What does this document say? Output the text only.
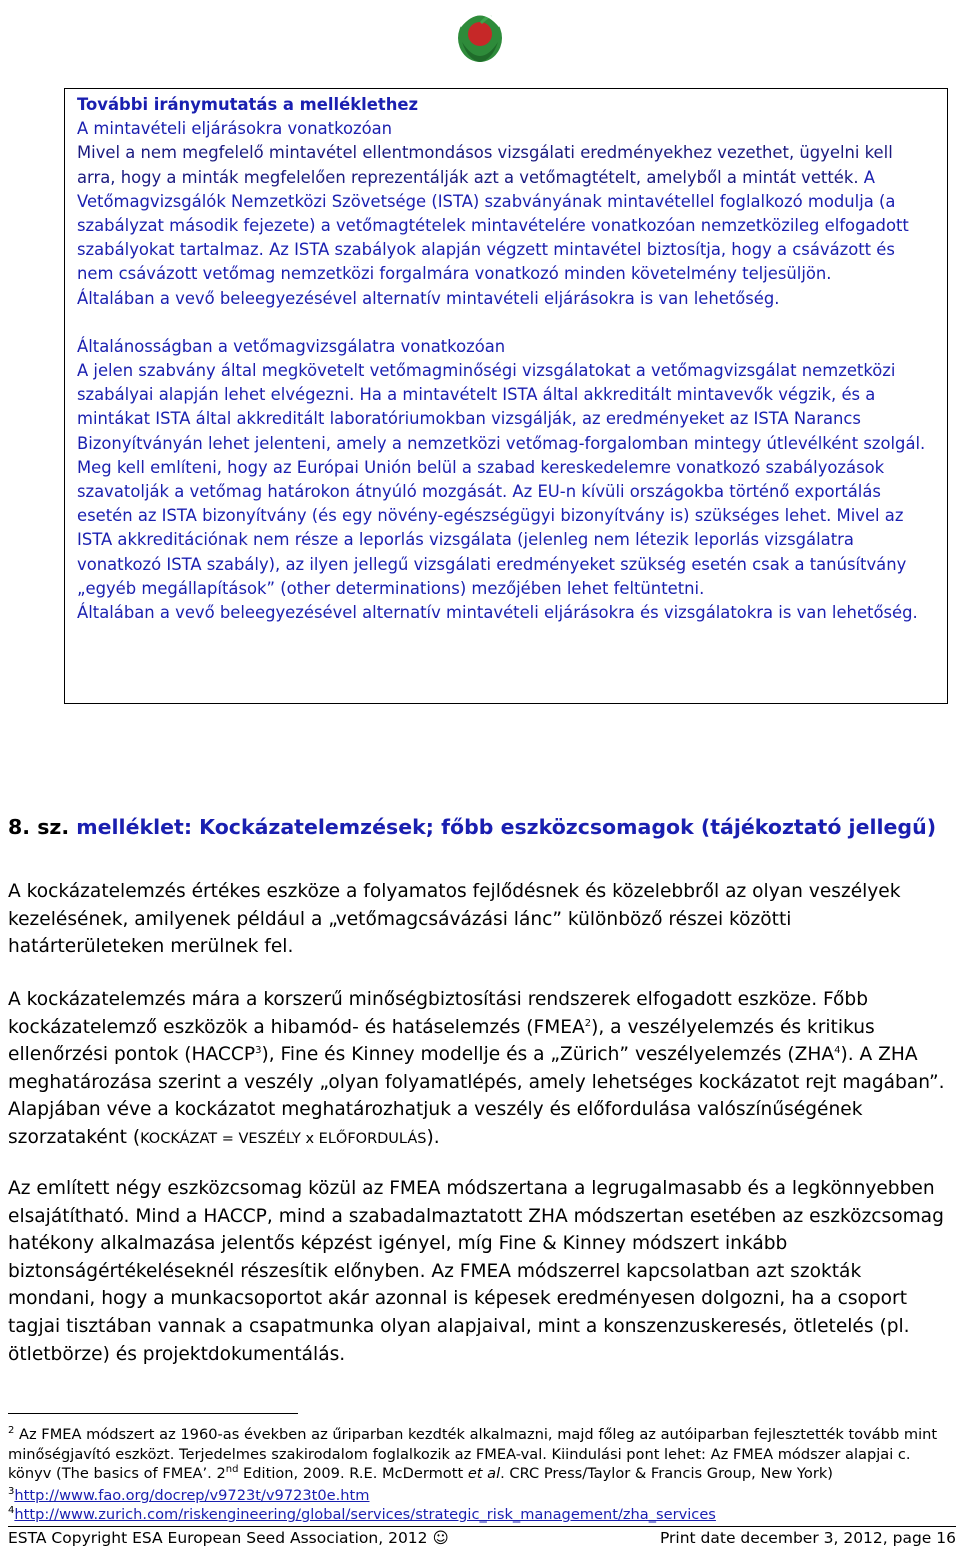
További iránymutatás a melléklethez

A mintavételi eljárásokra vonatkozóan

Mivel a nem megfelelő mintavétel ellentmondásos vizsgálati eredményekhez vezethet, ügyelni kell arra, hogy a minták megfelelően reprezentálják azt a vetőmagtételt, amelyből a mintát vették. A Vetőmagvizsgálók Nemzetközi Szövetsége (ISTA) szabványának mintavétellel foglalkozó modulja (a szabályzat második fejezete) a vetőmagtételek mintavételére vonatkozóan nemzetközileg elfogadott szabályokat tartalmaz. Az ISTA szabályok alapján végzett mintavétel biztosítja, hogy a csávázott és nem csávázott vetőmag nemzetközi forgalmára vonatkozó minden követelmény teljesüljön.

Általában a vevő beleegyezésével alternatív mintavételi eljárásokra is van lehetőség.

Általánosságban a vetőmagvizsgálatra vonatkozóan

A jelen szabvány által megkövetelt vetőmagminőségi vizsgálatokat a vetőmagvizsgálat nemzetközi szabályai alapján lehet elvégezni. Ha a mintavételt ISTA által akkreditált mintavevők végzik, és a mintákat ISTA által akkreditált laboratóriumokban vizsgálják, az eredményeket az ISTA Narancs Bizonyítványán lehet jelenteni, amely a nemzetközi vetőmag-forgalomban mintegy útlevélként szolgál. Meg kell említeni, hogy az Európai Unión belül a szabad kereskedelemre vonatkozó szabályozások szavatolják a vetőmag határokon átnyúló mozgását. Az EU-n kívüli országokba történő exportálás esetén az ISTA bizonyítvány (és egy növény-egészségügyi bizonyítvány is) szükséges lehet. Mivel az ISTA akkreditációnak nem része a leporlás vizsgálata (jelenleg nem létezik leporlás vizsgálatra vonatkozó ISTA szabály), az ilyen jellegű vizsgálati eredményeket szükség esetén csak a tanúsítvány „egyéb megállapítások” (other determinations) mezőjében lehet feltüntetni.

Általában a vevő beleegyezésével alternatív mintavételi eljárásokra és vizsgálatokra is van lehetőség.

8. sz. melléklet: Kockázatelemzések; főbb eszközcsomagok (tájékoztató jellegű)

A kockázatelemzés értékes eszköze a folyamatos fejlődésnek és közelebbről az olyan veszélyek kezelésének, amilyenek például a „vetőmagcsávázási lánc” különböző részei közötti határterületeken merülnek fel.

A kockázatelemzés mára a korszerű minőségbiztosítási rendszerek elfogadott eszköze. Főbb kockázatelemző eszközök a hibamód- és hatáselemzés (FMEA$^2$), a veszélyelemzés és kritikus ellenőrzési pontok (HACCP$^3$), Fine és Kinney modellje és a „Zürich” veszélyelemzés (ZHA$^4$). A ZHA meghatározása szerint a veszély „olyan folyamatlépés, amely lehetséges kockázatot rejt magában”. Alapjában véve a kockázatot meghatározhatjuk a veszély és előfordulása valószínűségének szorzataként (KOCKÁZAT = VESZÉLY x ELŐFORDULÁS).

Az említett négy eszközcsomag közül az FMEA módszertana a legrugalmasabb és a legkönnyebben elsajátítható. Mind a HACCP, mind a szabadalmaztatott ZHA módszertan esetében az eszközcsomag hatékony alkalmazása jelentős képzést igényel, míg Fine & Kinney módszert inkább biztonságértékeléseknél részesítik előnyben. Az FMEA módszerrel kapcsolatban azt szokták mondani, hogy a munkacsoportot akár azonnal is képesek eredményesen dolgozni, ha a csoport tagjai tisztában vannak a csapatmunka olyan alapjaival, mint a konszenzuskeresés, ötletelés (pl. ötletbörze) és projektdokumentálás.

$^2$ Az FMEA módszert az 1960-as években az űriparban kezdték alkalmazni, majd főleg az autóiparban fejlesztették tovább mint minőségjavító eszközt. Terjedelmes szakirodalom foglalkozik az FMEA-val. Kiindulási pont lehet: Az FMEA módszer alapjai c. könyv (The basics of FMEA’. 2nd Edition, 2009. R.E. McDermott et al. CRC Press/Taylor & Francis Group, New York)

$^3$http://www.fao.org/docrep/v9723t/v9723t0e.htm

$^4$http://www.zurich.com/riskengineering/global/services/strategic_risk_management/zha_services

ESTA Copyright ESA European Seed Association, 2012 ☺	Print date december 3, 2012, page 16
